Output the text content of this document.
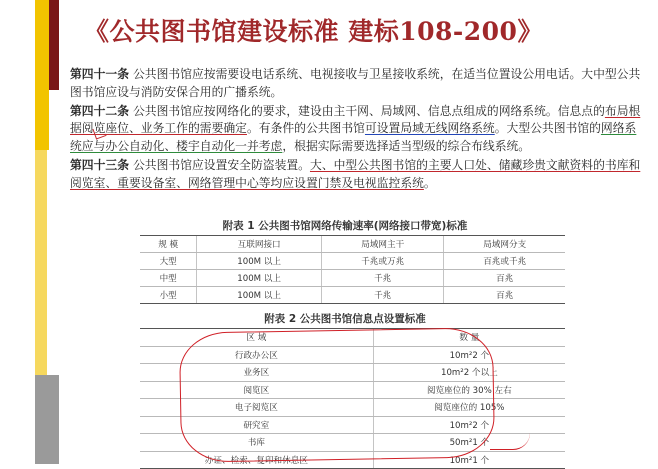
《公共图书馆建设标准 建标108-200》
第四十一条 公共图书馆应按需要设电话系统、电视接收与卫星接收系统，在适当位置设公用电话。大中型公共图书馆应设与消防安保合用的广播系统。
第四十二条 公共图书馆应按网络化的要求，建设由主干网、局域网、信息点组成的网络系统。信息点的布局根据阅览座位、业务工作的需要确定。有条件的公共图书馆可设置局域无线网络系统。大型公共图书馆的网络系统应与办公自动化、楼宇自动化一并考虑，根据实际需要选择适当型级的综合布线系统。
第四十三条 公共图书馆应设置安全防盗装置。大、中型公共图书馆的主要人口处、储藏珍贵文献资料的书库和阅览室、重要设备室、网络管理中心等均应设置门禁及电视监控系统。
附表 1 公共图书馆网络传输速率(网络接口带宽)标准
规 模	互联网接口	局域网主干	局域网分支
大型	100M 以上	千兆或万兆	百兆或千兆
中型	100M 以上	千兆	百兆
小型	100M 以上	千兆	百兆
附表 2 公共图书馆信息点设置标准
区 域	数 量
行政办公区	10m²2 个
业务区	10m²2 个以上
阅览区	阅览座位的 30% 左右
电子阅览区	阅览座位的 105%
研究室	10m²2 个
书库	50m²1 个
办证、检索、复印和休息区	10m²1 个
